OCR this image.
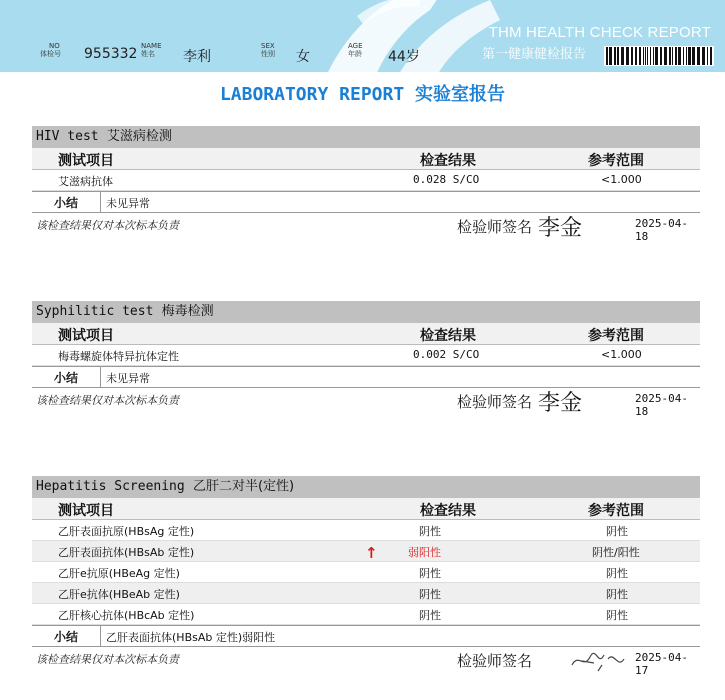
NO
体检号 955332 NAME
姓名	李利
SEX
性别 女
AGE
年龄 44岁
THM HEALTH CHECK REPORT
第一健康健检报告
LABORATORY REPORT 实验室报告
HIV test 艾滋病检测
测试项目	检查结果	参考范围
艾滋病抗体	0.028 S/CO	<1.000
小结	未见异常
该检查结果仅对本次标本负责	检验师签名 李金	2025-04-18
Syphilitic test 梅毒检测
测试项目	检查结果	参考范围
梅毒螺旋体特异抗体定性	0.002 S/CO	<1.000
小结	未见异常
该检查结果仅对本次标本负责	检验师签名 李金	2025-04-18
Hepatitis Screening 乙肝二对半(定性)
测试项目	检查结果	参考范围
乙肝表面抗原(HBsAg 定性)	阴性	阴性
乙肝表面抗体(HBsAb 定性)	↑	弱阳性	阴性/阳性
乙肝e抗原(HBeAg 定性)	阴性	阴性
乙肝e抗体(HBeAb 定性)	阴性	阴性
乙肝核心抗体(HBcAb 定性)	阴性	阴性
小结	乙肝表面抗体(HBsAb 定性)弱阳性
该检查结果仅对本次标本负责	检验师签名	2025-04-17
